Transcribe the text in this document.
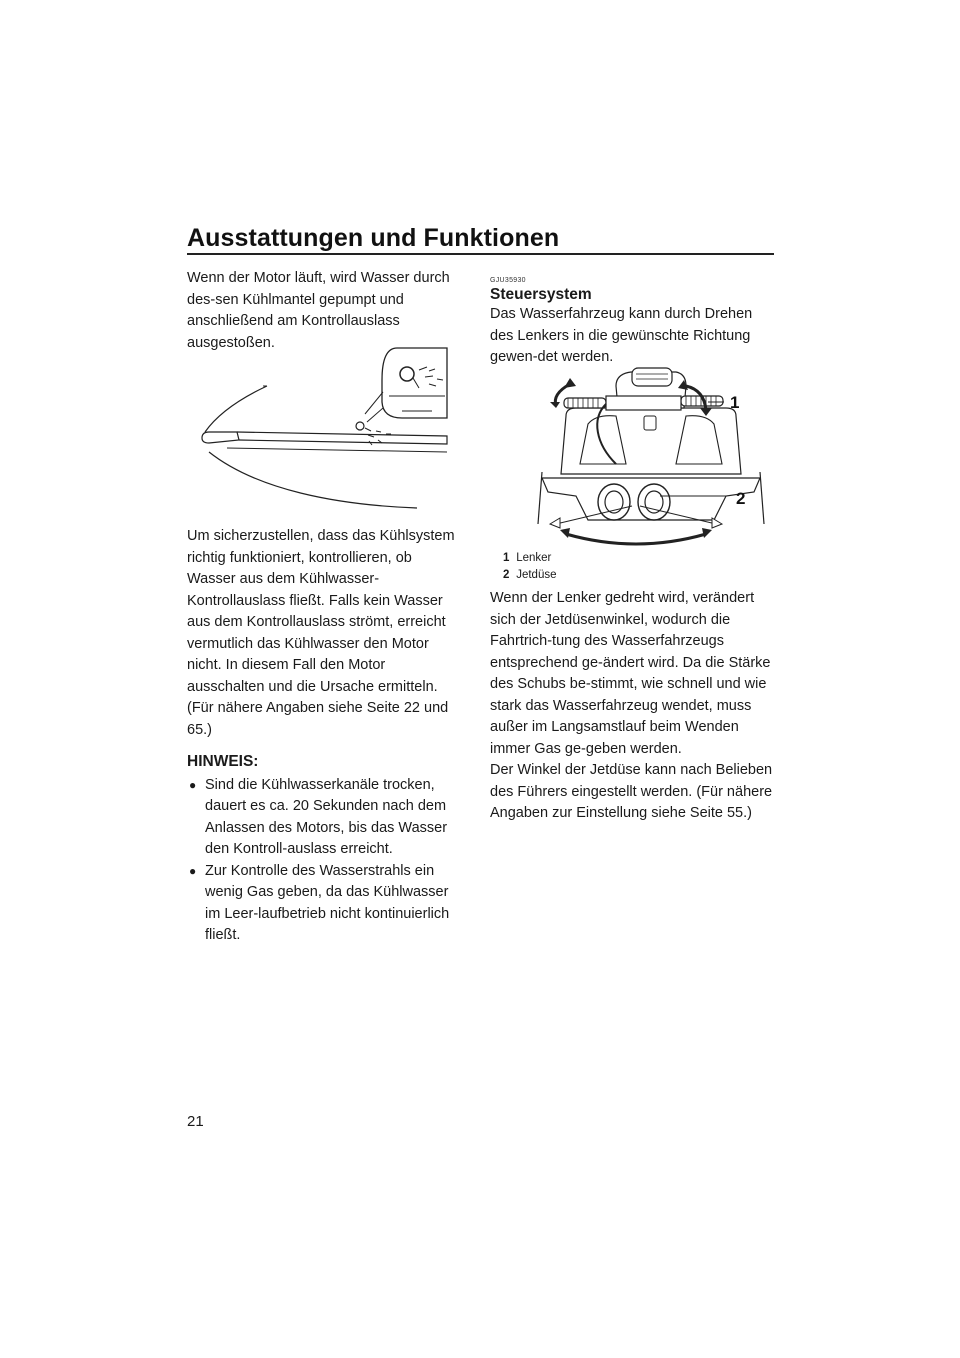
Ausstattungen und Funktionen

Wenn der Motor läuft, wird Wasser durch des-sen Kühlmantel gepumpt und anschließend am Kontrollauslass ausgestoßen.

Um sicherzustellen, dass das Kühlsystem richtig funktioniert, kontrollieren, ob Wasser aus dem Kühlwasser-Kontrollauslass fließt. Falls kein Wasser aus dem Kontrollauslass strömt, erreicht vermutlich das Kühlwasser den Motor nicht. In diesem Fall den Motor ausschalten und die Ursache ermitteln. (Für nähere Angaben siehe Seite 22 und 65.)

HINWEIS:
● Sind die Kühlwasserkanäle trocken, dauert es ca. 20 Sekunden nach dem Anlassen des Motors, bis das Wasser den Kontroll-auslass erreicht.
● Zur Kontrolle des Wasserstrahls ein wenig Gas geben, da das Kühlwasser im Leer-laufbetrieb nicht kontinuierlich fließt.
GJU35930
Steuersystem

Das Wasserfahrzeug kann durch Drehen des Lenkers in die gewünschte Richtung gewen-det werden.

1
2
1 Lenker
2 Jetdüse

Wenn der Lenker gedreht wird, verändert sich der Jetdüsenwinkel, wodurch die Fahrtrich-tung des Wasserfahrzeugs entsprechend ge-ändert wird. Da die Stärke des Schubs be-stimmt, wie schnell und wie stark das Wasserfahrzeug wendet, muss außer im Langsamstlauf beim Wenden immer Gas ge-geben werden.

Der Winkel der Jetdüse kann nach Belieben des Führers eingestellt werden. (Für nähere Angaben zur Einstellung siehe Seite 55.)

21
